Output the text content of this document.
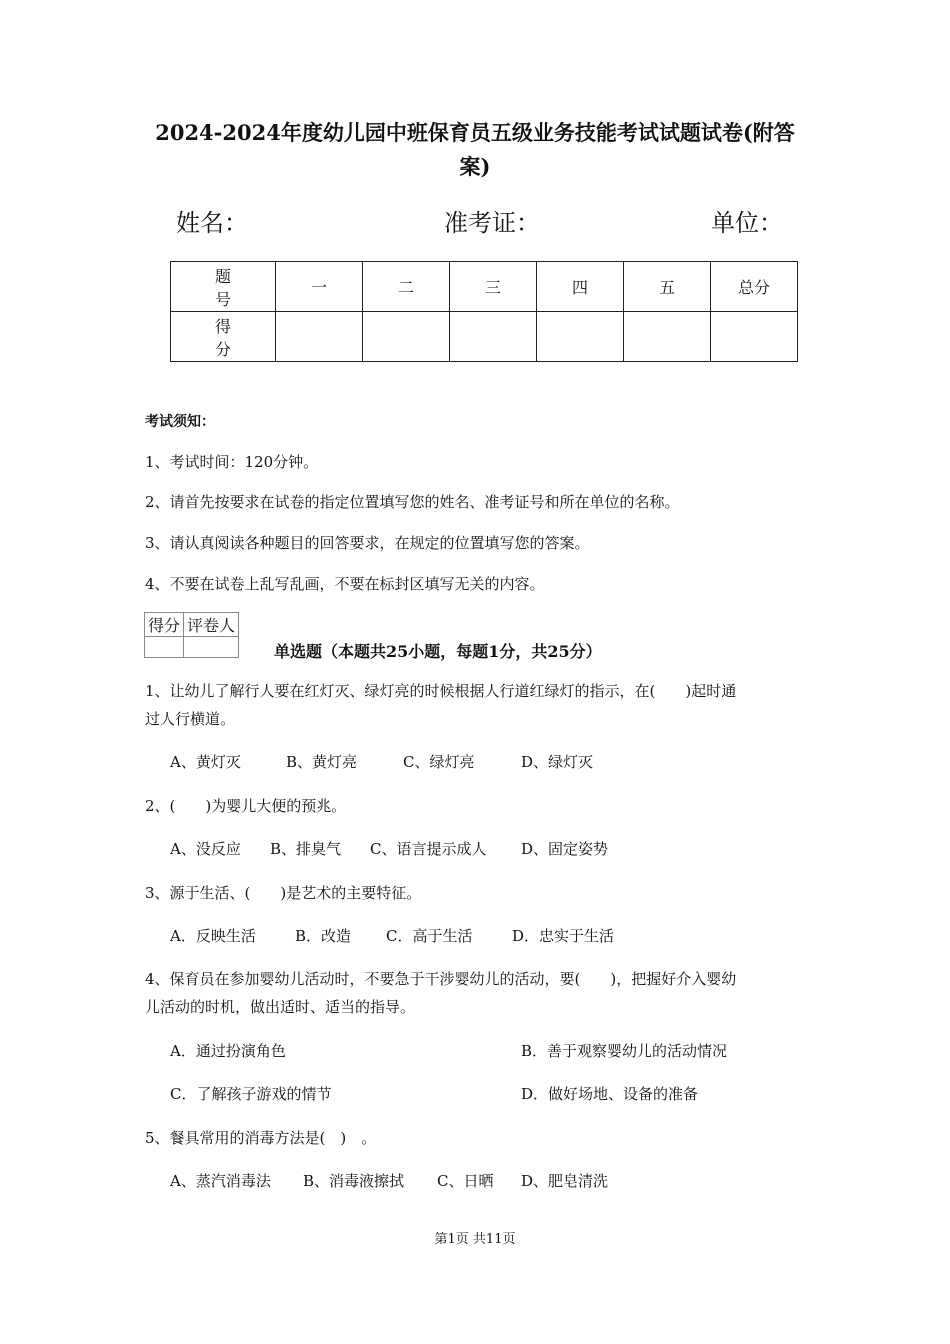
2024-2024年度幼儿园中班保育员五级业务技能考试试题试卷(附答
案)
姓名：	准考证：	单位：
题　号	一	二	三	四	五	总分
得　分						
考试须知：
1、考试时间：120分钟。
2、请首先按要求在试卷的指定位置填写您的姓名、准考证号和所在单位的名称。
3、请认真阅读各种题目的回答要求，在规定的位置填写您的答案。
4、不要在试卷上乱写乱画，不要在标封区填写无关的内容。
得分	评卷人

单选题（本题共25小题，每题1分，共25分）
1、让幼儿了解行人要在红灯灭、绿灯亮的时候根据人行道红绿灯的指示，在(　　)起时通
过人行横道。
A、黄灯灭	B、黄灯亮	C、绿灯亮	D、绿灯灭
2、(　　)为婴儿大便的预兆。
A、没反应 B、排臭气 C、语言提示成人 D、固定姿势
3、源于生活、(　　)是艺术的主要特征。
A．反映生活	B．改造 C．高于生活	D．忠实于生活
4、保育员在参加婴幼儿活动时，不要急于干涉婴幼儿的活动，要(　　)，把握好介入婴幼
儿活动的时机，做出适时、适当的指导。
A．通过扮演角色	B．善于观察婴幼儿的活动情况
C．了解孩子游戏的情节	D．做好场地、设备的准备
5、餐具常用的消毒方法是(　)　。
A、蒸汽消毒法 B、消毒液擦拭 C、日晒 D、肥皂清洗
第1页 共11页
